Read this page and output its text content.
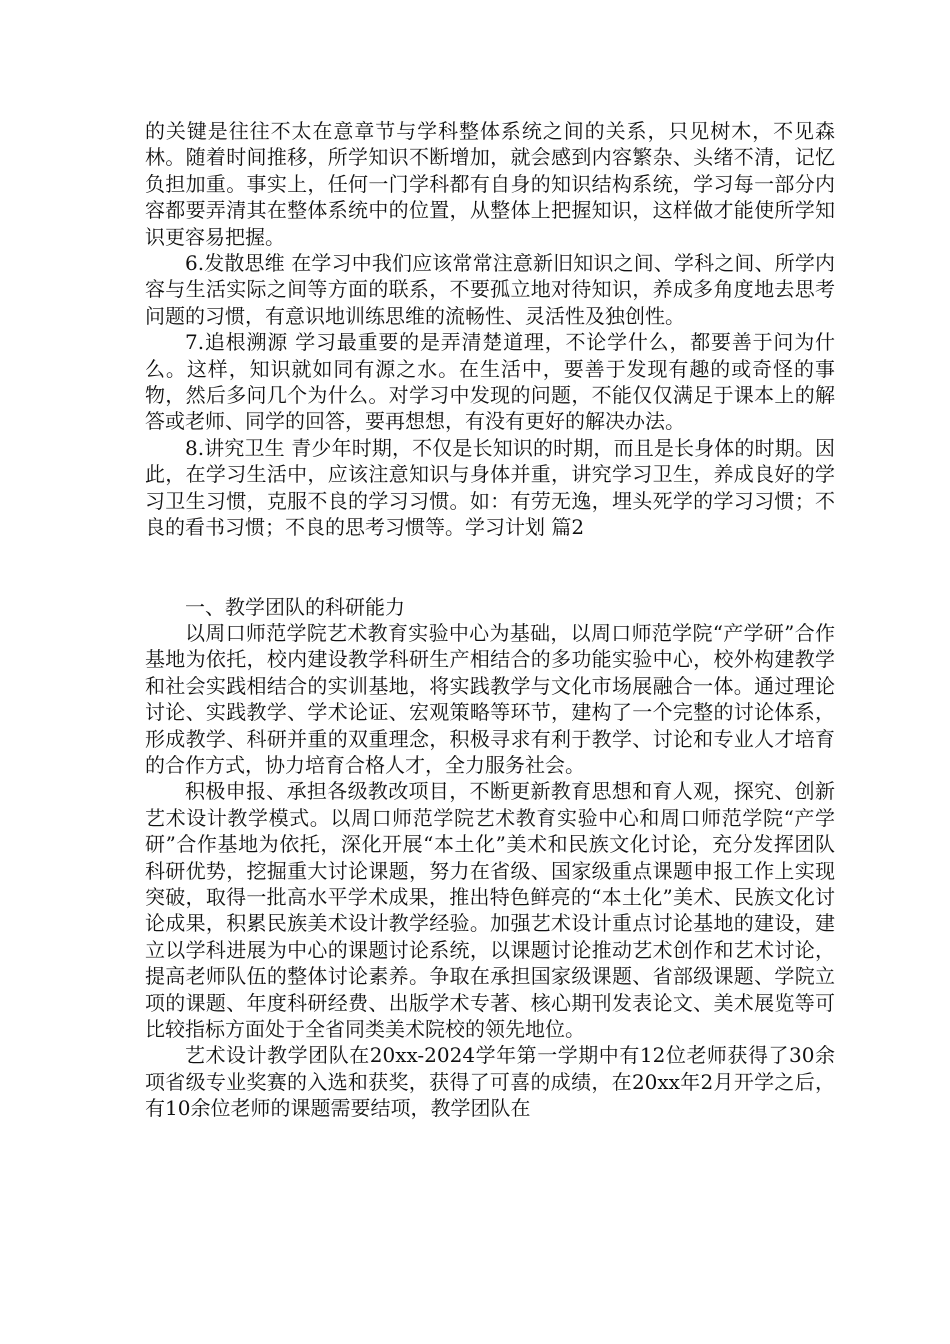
的关键是往往不太在意章节与学科整体系统之间的关系，只见树木，不见森林。随着时间推移，所学知识不断增加，就会感到内容繁杂、头绪不清，记忆负担加重。事实上，任何一门学科都有自身的知识结构系统，学习每一部分内容都要弄清其在整体系统中的位置，从整体上把握知识，这样做才能使所学知识更容易把握。

6.发散思维 在学习中我们应该常常注意新旧知识之间、学科之间、所学内容与生活实际之间等方面的联系，不要孤立地对待知识，养成多角度地去思考问题的习惯，有意识地训练思维的流畅性、灵活性及独创性。

7.追根溯源 学习最重要的是弄清楚道理，不论学什么，都要善于问为什么。这样，知识就如同有源之水。在生活中，要善于发现有趣的或奇怪的事物，然后多问几个为什么。对学习中发现的问题，不能仅仅满足于课本上的解答或老师、同学的回答，要再想想，有没有更好的解决办法。

8.讲究卫生 青少年时期，不仅是长知识的时期，而且是长身体的时期。因此，在学习生活中，应该注意知识与身体并重，讲究学习卫生，养成良好的学习卫生习惯，克服不良的学习习惯。如：有劳无逸，埋头死学的学习习惯；不良的看书习惯；不良的思考习惯等。学习计划 篇2

一、教学团队的科研能力

以周口师范学院艺术教育实验中心为基础，以周口师范学院“产学研”合作基地为依托，校内建设教学科研生产相结合的多功能实验中心，校外构建教学和社会实践相结合的实训基地，将实践教学与文化市场展融合一体。通过理论讨论、实践教学、学术论证、宏观策略等环节，建构了一个完整的讨论体系，形成教学、科研并重的双重理念，积极寻求有利于教学、讨论和专业人才培育的合作方式，协力培育合格人才，全力服务社会。

积极申报、承担各级教改项目，不断更新教育思想和育人观，探究、创新艺术设计教学模式。以周口师范学院艺术教育实验中心和周口师范学院“产学研”合作基地为依托，深化开展“本土化”美术和民族文化讨论，充分发挥团队科研优势，挖掘重大讨论课题，努力在省级、国家级重点课题申报工作上实现突破，取得一批高水平学术成果，推出特色鲜亮的“本土化”美术、民族文化讨论成果，积累民族美术设计教学经验。加强艺术设计重点讨论基地的建设，建立以学科进展为中心的课题讨论系统，以课题讨论推动艺术创作和艺术讨论，提高老师队伍的整体讨论素养。争取在承担国家级课题、省部级课题、学院立项的课题、年度科研经费、出版学术专著、核心期刊发表论文、美术展览等可比较指标方面处于全省同类美术院校的领先地位。

艺术设计教学团队在20xx-2024学年第一学期中有12位老师获得了30余项省级专业奖赛的入选和获奖，获得了可喜的成绩，在20xx年2月开学之后，有10余位老师的课题需要结项，教学团队在
